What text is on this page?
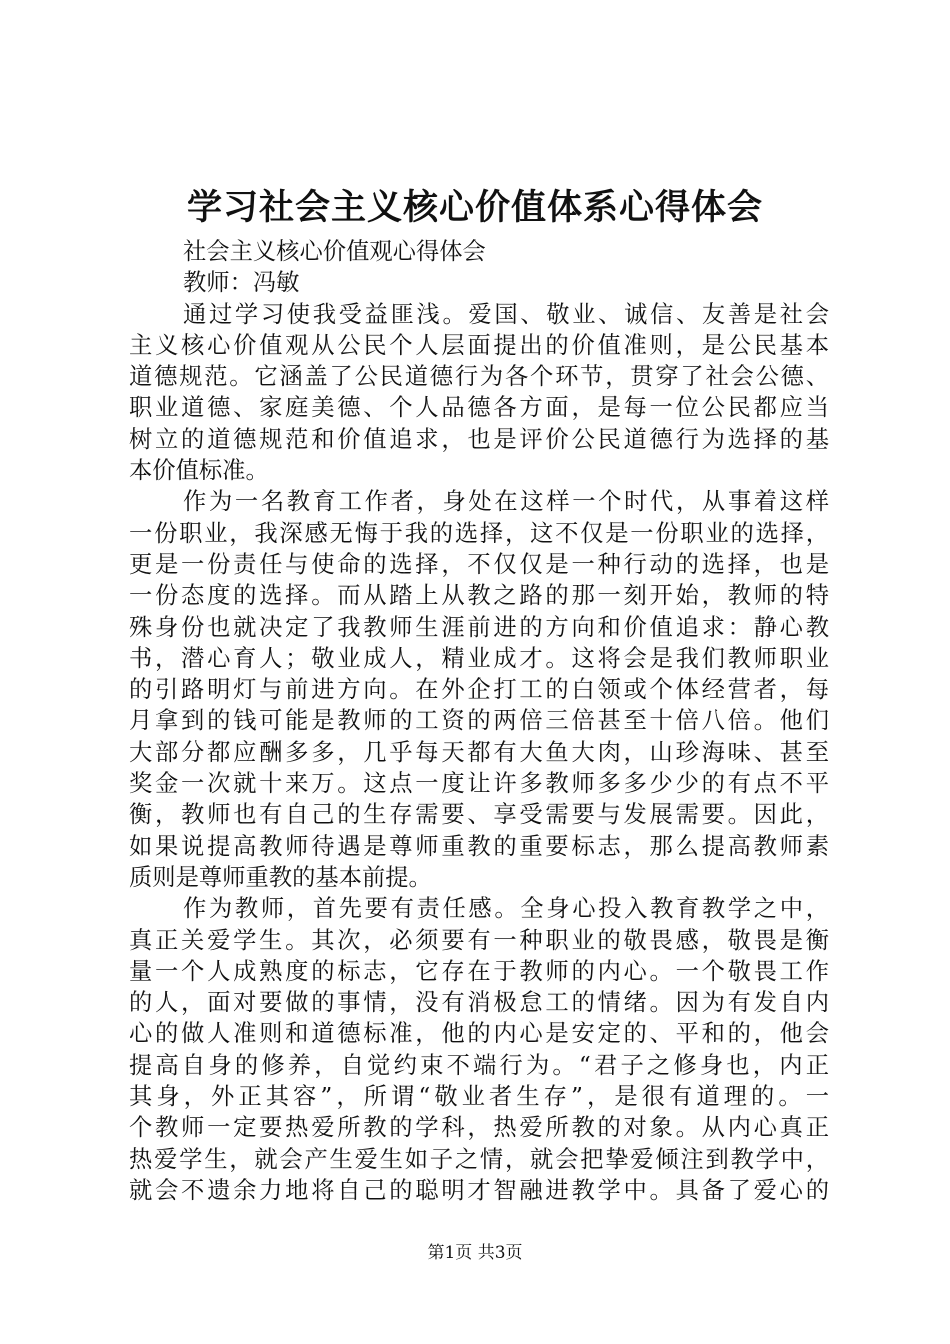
学习社会主义核心价值体系心得体会
社会主义核心价值观心得体会
教师：冯敏
通过学习使我受益匪浅。爱国、敬业、诚信、友善是社会
主义核心价值观从公民个人层面提出的价值准则，是公民基本
道德规范。它涵盖了公民道德行为各个环节，贯穿了社会公德、
职业道德、家庭美德、个人品德各方面，是每一位公民都应当
树立的道德规范和价值追求，也是评价公民道德行为选择的基
本价值标准。
作为一名教育工作者，身处在这样一个时代，从事着这样
一份职业，我深感无悔于我的选择，这不仅是一份职业的选择，
更是一份责任与使命的选择，不仅仅是一种行动的选择，也是
一份态度的选择。而从踏上从教之路的那一刻开始，教师的特
殊身份也就决定了我教师生涯前进的方向和价值追求：静心教
书，潜心育人；敬业成人，精业成才。这将会是我们教师职业
的引路明灯与前进方向。在外企打工的白领或个体经营者，每
月拿到的钱可能是教师的工资的两倍三倍甚至十倍八倍。他们
大部分都应酬多多，几乎每天都有大鱼大肉，山珍海味、甚至
奖金一次就十来万。这点一度让许多教师多多少少的有点不平
衡，教师也有自己的生存需要、享受需要与发展需要。因此，
如果说提高教师待遇是尊师重教的重要标志，那么提高教师素
质则是尊师重教的基本前提。
作为教师，首先要有责任感。全身心投入教育教学之中，
真正关爱学生。其次，必须要有一种职业的敬畏感，敬畏是衡
量一个人成熟度的标志，它存在于教师的内心。一个敬畏工作
的人，面对要做的事情，没有消极怠工的情绪。因为有发自内
心的做人准则和道德标准，他的内心是安定的、平和的，他会
提高自身的修养，自觉约束不端行为。“君子之修身也，内正
其身，外正其容”，所谓“敬业者生存”，是很有道理的。一
个教师一定要热爱所教的学科，热爱所教的对象。从内心真正
热爱学生，就会产生爱生如子之情，就会把挚爱倾注到教学中，
就会不遗余力地将自己的聪明才智融进教学中。具备了爱心的
第1页 共3页
